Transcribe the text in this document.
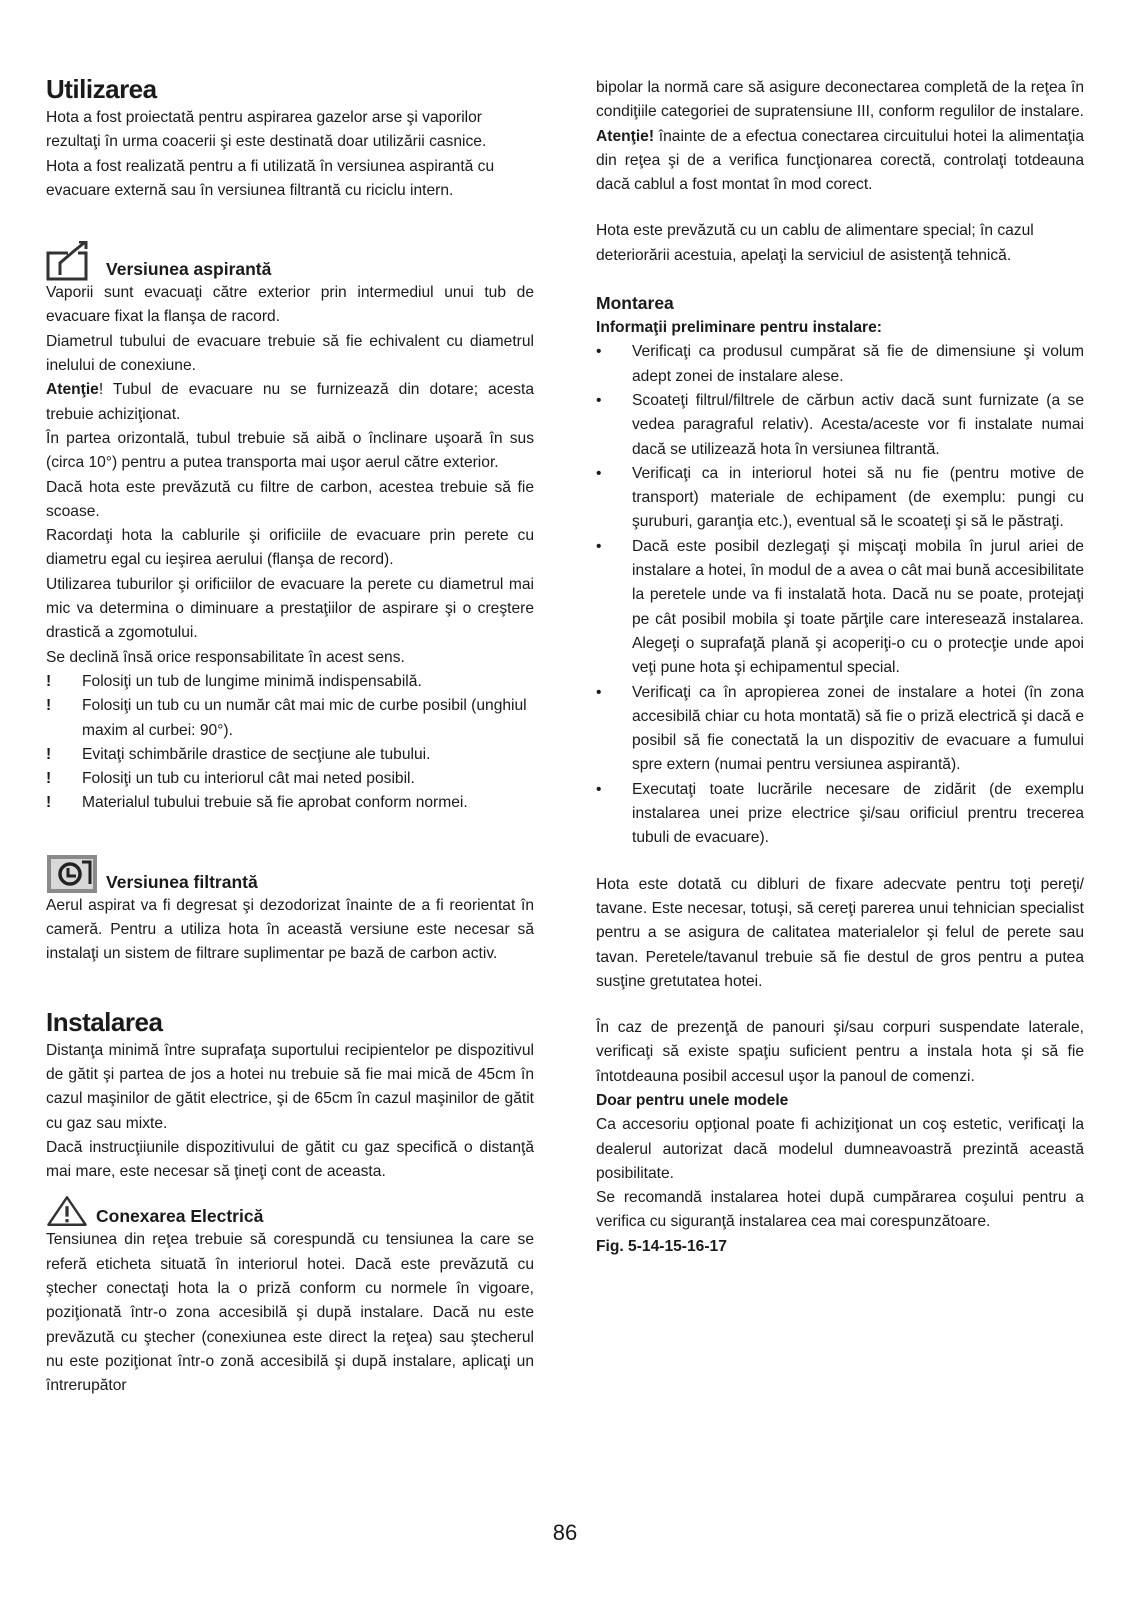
Utilizarea

Hota a fost proiectată pentru aspirarea gazelor arse şi vaporilor rezultaţi în urma coacerii şi este destinată doar utilizării casnice.

Hota a fost realizată pentru a fi utilizată în versiunea aspirantă cu evacuare externă sau în versiunea filtrantă cu riciclu intern.

Versiunea aspirantă

Vaporii sunt evacuaţi către exterior prin intermediul unui tub de evacuare fixat la flanşa de racord.

Diametrul tubului de evacuare trebuie să fie echivalent cu diametrul inelului de conexiune.

Atenţie! Tubul de evacuare nu se furnizează din dotare; acesta trebuie achiziţionat.

În partea orizontală, tubul trebuie să aibă o înclinare uşoară în sus (circa 10°) pentru a putea transporta mai uşor aerul către exterior.

Dacă hota este prevăzută cu filtre de carbon, acestea trebuie să fie scoase.

Racordaţi hota la cablurile şi orificiile de evacuare prin perete cu diametru egal cu ieşirea aerului (flanşa de record).

Utilizarea tuburilor şi orificiilor de evacuare la perete cu diametrul mai mic va determina o diminuare a prestaţiilor de aspirare şi o creştere drastică a zgomotului.

Se declină însă orice responsabilitate în acest sens.

!	Folosiţi un tub de lungime minimă indispensabilă.
!	Folosiţi un tub cu un număr cât mai mic de curbe posibil (unghiul maxim al curbei: 90°).
!	Evitaţi schimbările drastice de secţiune ale tubului.
!	Folosiţi un tub cu interiorul cât mai neted posibil.
!	Materialul tubului trebuie să fie aprobat conform normei.
Versiunea filtrantă

Aerul aspirat va fi degresat şi dezodorizat înainte de a fi reorientat în cameră. Pentru a utiliza hota în această versiune este necesar să instalaţi un sistem de filtrare suplimentar pe bază de carbon activ.

Instalarea

Distanţa minimă între suprafaţa suportului recipientelor pe dispozitivul de gătit şi partea de jos a hotei nu trebuie să fie mai mică de 45cm în cazul maşinilor de gătit electrice, şi de 65cm în cazul maşinilor de gătit cu gaz sau mixte.

Dacă instrucţiiunile dispozitivului de gătit cu gaz specifică o distanţă mai mare, este necesar să ţineţi cont de aceasta.

Conexarea Electrică

Tensiunea din reţea trebuie să corespundă cu tensiunea la care se referă eticheta situată în interiorul hotei. Dacă este prevăzută cu ştecher conectaţi hota la o priză conform cu normele în vigoare, poziţionată într-o zona accesibilă şi după instalare. Dacă nu este prevăzută cu ştecher (conexiunea este direct la reţea) sau ştecherul nu este poziţionat într-o zonă accesibilă şi după instalare, aplicaţi un întrerupător

bipolar la normă care să asigure deconectarea completă de la reţea în condiţiile categoriei de supratensiune III, conform regulilor de instalare.

Atenţie! înainte de a efectua conectarea circuitului hotei la alimentaţia din reţea şi de a verifica funcţionarea corectă, controlaţi totdeauna dacă cablul a fost montat în mod corect.

Hota este prevăzută cu un cablu de alimentare special; în cazul deteriorării acestuia, apelaţi la serviciul de asistenţă tehnică.

Montarea

Informaţii preliminare pentru instalare:

•	Verificaţi ca produsul cumpărat să fie de dimensiune şi volum adept zonei de instalare alese.
•	Scoateţi filtrul/filtrele de cărbun activ dacă sunt furnizate (a se vedea paragraful relativ). Acesta/aceste vor fi instalate numai dacă se utilizează hota în versiunea filtrantă.
•	Verificaţi ca in interiorul hotei să nu fie (pentru motive de transport) materiale de echipament (de exemplu: pungi cu şuruburi, garanţia etc.), eventual să le scoateţi şi să le păstraţi.
•	Dacă este posibil dezlegaţi şi mişcaţi mobila în jurul ariei de instalare a hotei, în modul de a avea o cât mai bună accesibilitate la peretele unde va fi instalată hota. Dacă nu se poate, protejaţi pe cât posibil mobila şi toate părţile care interesează instalarea. Alegeţi o suprafaţă plană şi acoperiţi-o cu o protecţie unde apoi veţi pune hota şi echipamentul special.
•	Verificaţi ca în apropierea zonei de instalare a hotei (în zona accesibilă chiar cu hota montată) să fie o priză electrică şi dacă e posibil să fie conectată la un dispozitiv de evacuare a fumului spre extern (numai pentru versiunea aspirantă).
•	Executaţi toate lucrările necesare de zidărit (de exemplu instalarea unei prize electrice şi/sau orificiul prentru trecerea tubuli de evacuare).

Hota este dotată cu dibluri de fixare adecvate pentru toţi pereţi/ tavane. Este necesar, totuşi, să cereţi parerea unui tehnician specialist pentru a se asigura de calitatea materialelor şi felul de perete sau tavan. Peretele/tavanul trebuie să fie destul de gros pentru a putea susţine gretutatea hotei.

În caz de prezenţă de panouri şi/sau corpuri suspendate laterale, verificaţi să existe spaţiu suficient pentru a instala hota şi să fie întotdeauna posibil accesul uşor la panoul de comenzi.

Doar pentru unele modele

Ca accesoriu opţional poate fi achiziţionat un coş estetic, verificaţi la dealerul autorizat dacă modelul dumneavoastră prezintă această posibilitate.

Se recomandă instalarea hotei după cumpărarea coşului pentru a verifica cu siguranţă instalarea cea mai corespunzătoare.

Fig. 5-14-15-16-17

86
